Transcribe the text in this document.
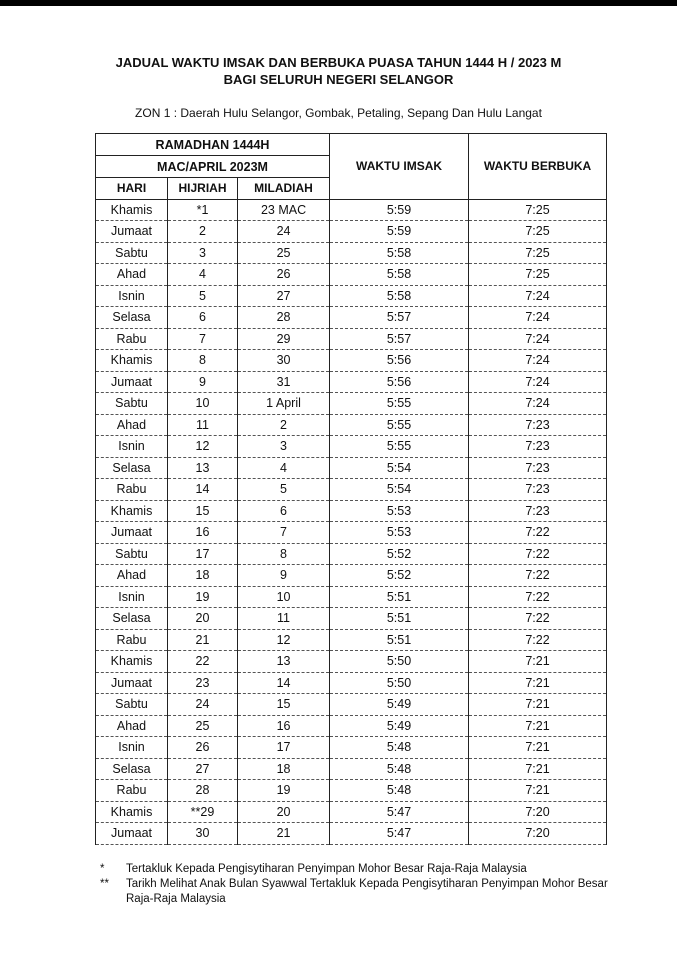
JADUAL WAKTU IMSAK DAN BERBUKA PUASA TAHUN 1444 H / 2023 M
BAGI SELURUH NEGERI SELANGOR
ZON 1 : Daerah Hulu Selangor, Gombak, Petaling, Sepang Dan Hulu Langat
RAMADHAN 1444H			WAKTU IMSAK	WAKTU BERBUKA
MAC/APRIL 2023M				
HARI	HIJRIAH	MILADIAH		
Khamis	*1	23 MAC	5:59	7:25
Jumaat	2	24	5:59	7:25
Sabtu	3	25	5:58	7:25
Ahad	4	26	5:58	7:25
Isnin	5	27	5:58	7:24
Selasa	6	28	5:57	7:24
Rabu	7	29	5:57	7:24
Khamis	8	30	5:56	7:24
Jumaat	9	31	5:56	7:24
Sabtu	10	1 April	5:55	7:24
Ahad	11	2	5:55	7:23
Isnin	12	3	5:55	7:23
Selasa	13	4	5:54	7:23
Rabu	14	5	5:54	7:23
Khamis	15	6	5:53	7:23
Jumaat	16	7	5:53	7:22
Sabtu	17	8	5:52	7:22
Ahad	18	9	5:52	7:22
Isnin	19	10	5:51	7:22
Selasa	20	11	5:51	7:22
Rabu	21	12	5:51	7:22
Khamis	22	13	5:50	7:21
Jumaat	23	14	5:50	7:21
Sabtu	24	15	5:49	7:21
Ahad	25	16	5:49	7:21
Isnin	26	17	5:48	7:21
Selasa	27	18	5:48	7:21
Rabu	28	19	5:48	7:21
Khamis	**29	20	5:47	7:20
Jumaat	30	21	5:47	7:20
*	Tertakluk Kepada Pengisytiharan Penyimpan Mohor Besar Raja-Raja Malaysia
**	Tarikh Melihat Anak Bulan Syawwal Tertakluk Kepada Pengisytiharan Penyimpan Mohor Besar Raja-Raja Malaysia
